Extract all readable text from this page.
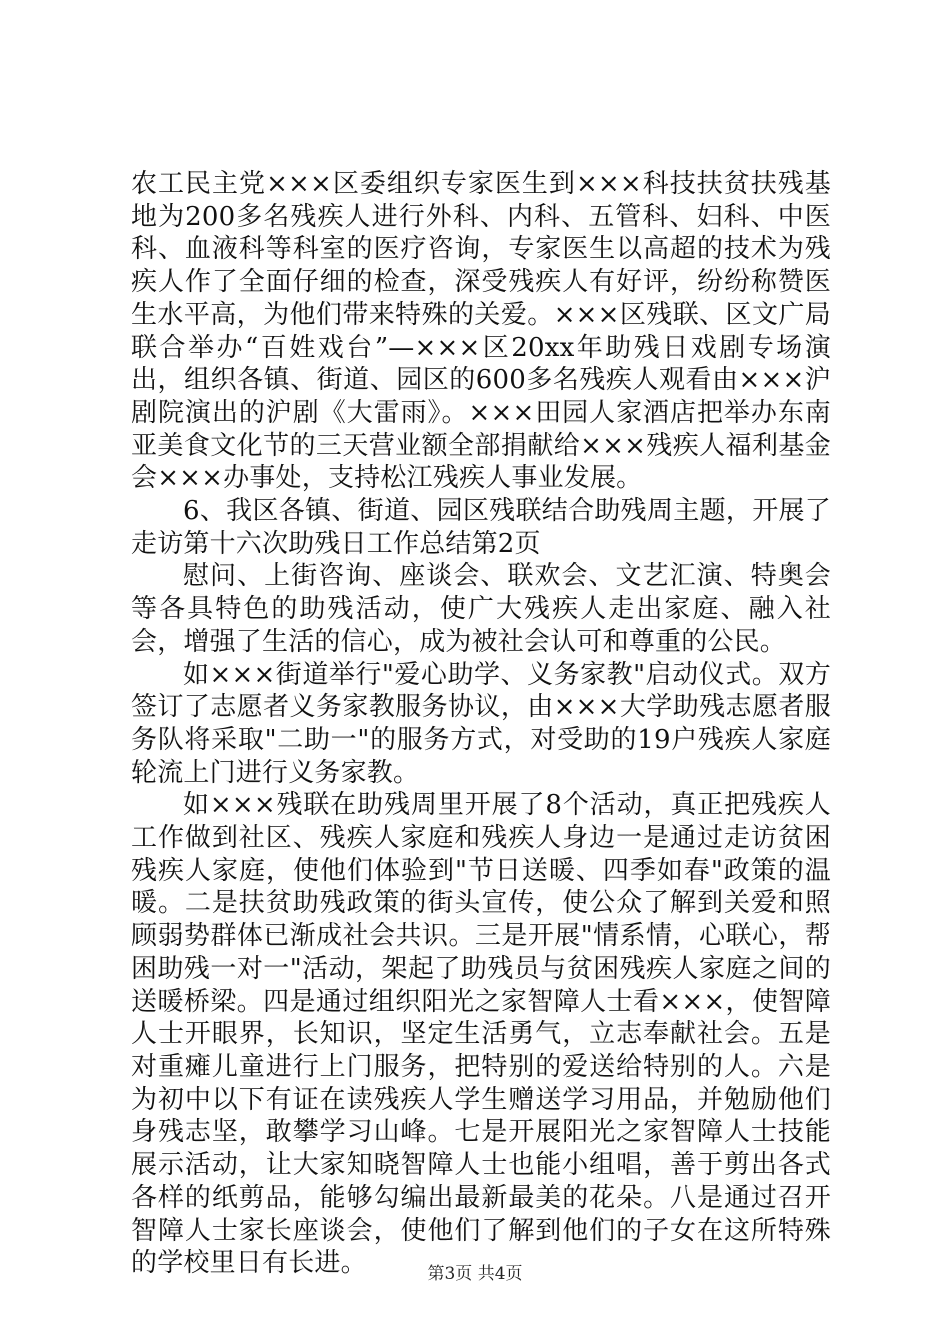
农工民主党×××区委组织专家医生到×××科技扶贫扶残基地为200多名残疾人进行外科、内科、五管科、妇科、中医科、血液科等科室的医疗咨询，专家医生以高超的技术为残疾人作了全面仔细的检查，深受残疾人有好评，纷纷称赞医生水平高，为他们带来特殊的关爱。×××区残联、区文广局联合举办“百姓戏台”—×××区20xx年助残日戏剧专场演出，组织各镇、街道、园区的600多名残疾人观看由×××沪剧院演出的沪剧《大雷雨》。×××田园人家酒店把举办东南亚美食文化节的三天营业额全部捐献给×××残疾人福利基金会×××办事处，支持松江残疾人事业发展。

6、我区各镇、街道、园区残联结合助残周主题，开展了走访第十六次助残日工作总结第2页

慰问、上街咨询、座谈会、联欢会、文艺汇演、特奥会等各具特色的助残活动，使广大残疾人走出家庭、融入社会，增强了生活的信心，成为被社会认可和尊重的公民。

如×××街道举行"爱心助学、义务家教"启动仪式。双方签订了志愿者义务家教服务协议，由×××大学助残志愿者服务队将采取"二助一"的服务方式，对受助的19户残疾人家庭轮流上门进行义务家教。

如×××残联在助残周里开展了8个活动，真正把残疾人工作做到社区、残疾人家庭和残疾人身边一是通过走访贫困残疾人家庭，使他们体验到"节日送暖、四季如春"政策的温暖。二是扶贫助残政策的街头宣传，使公众了解到关爱和照顾弱势群体已渐成社会共识。三是开展"情系情，心联心，帮困助残一对一"活动，架起了助残员与贫困残疾人家庭之间的送暖桥梁。四是通过组织阳光之家智障人士看×××，使智障人士开眼界，长知识，坚定生活勇气，立志奉献社会。五是对重瘫儿童进行上门服务，把特别的爱送给特别的人。六是为初中以下有证在读残疾人学生赠送学习用品，并勉励他们身残志坚，敢攀学习山峰。七是开展阳光之家智障人士技能展示活动，让大家知晓智障人士也能小组唱，善于剪出各式各样的纸剪品，能够勾编出最新最美的花朵。八是通过召开智障人士家长座谈会，使他们了解到他们的子女在这所特殊的学校里日有长进。	第3页 共4页
